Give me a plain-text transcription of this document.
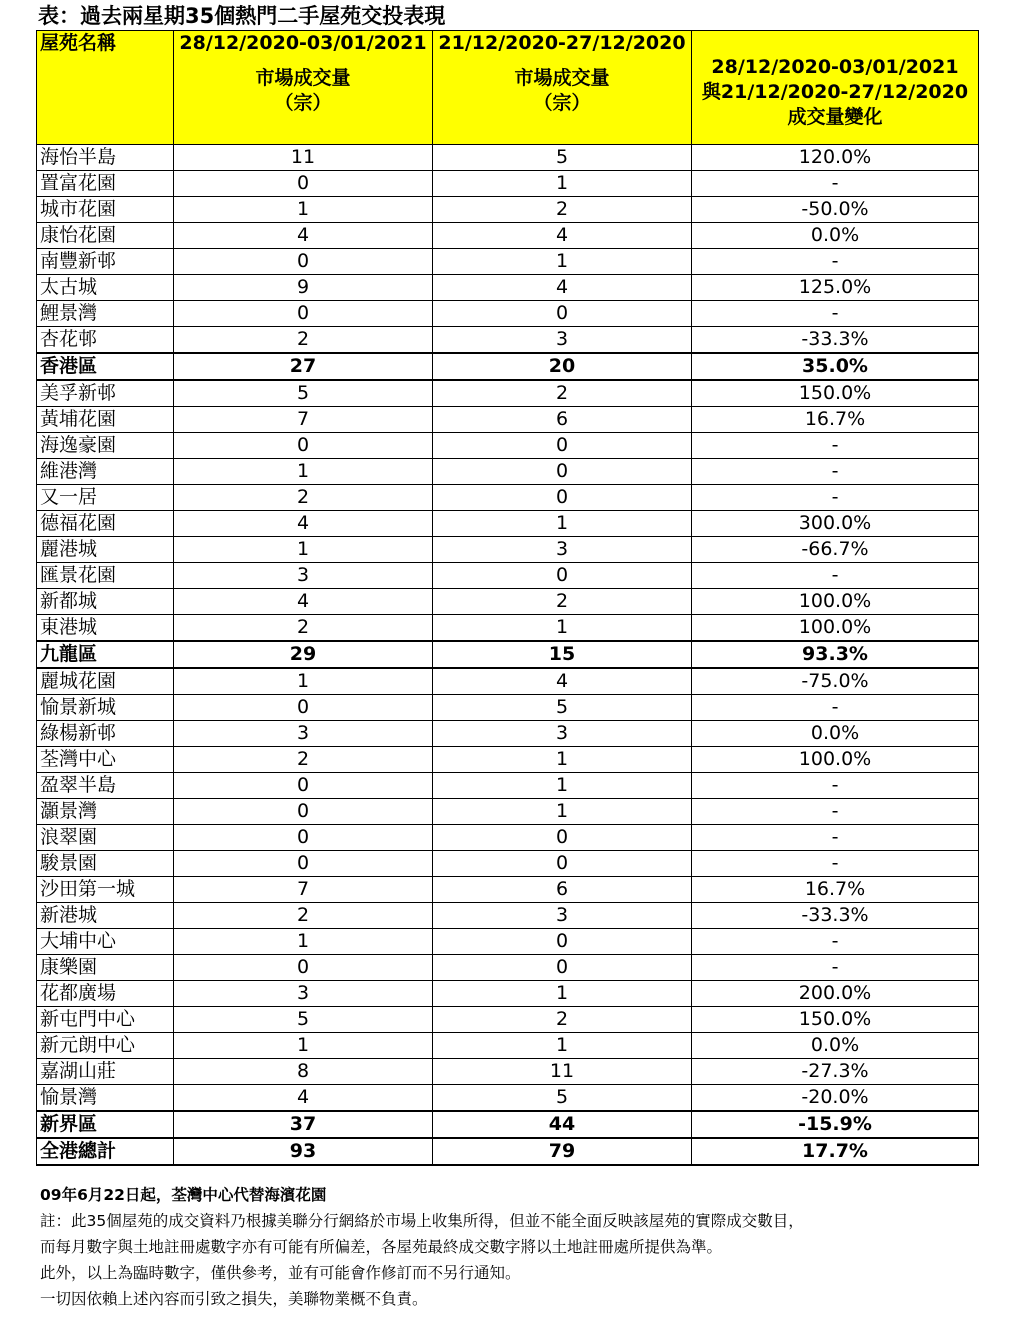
表：過去兩星期35個熱門二手屋苑交投表現
屋苑名稱	28/12/2020-03/01/2021
市場成交量
（宗）	21/12/2020-27/12/2020
市場成交量
（宗）	28/12/2020-03/01/2021
與21/12/2020-27/12/2020
成交量變化

海怡半島	11	5	120.0%
置富花園	0	1	-
城市花園	1	2	-50.0%
康怡花園	4	4	0.0%
南豐新邨	0	1	-
太古城	9	4	125.0%
鯉景灣	0	0	-
杏花邨	2	3	-33.3%
香港區	27	20	35.0%
美孚新邨	5	2	150.0%
黃埔花園	7	6	16.7%
海逸豪園	0	0	-
維港灣	1	0	-
又一居	2	0	-
德福花園	4	1	300.0%
麗港城	1	3	-66.7%
匯景花園	3	0	-
新都城	4	2	100.0%
東港城	2	1	100.0%
九龍區	29	15	93.3%
麗城花園	1	4	-75.0%
愉景新城	0	5	-
綠楊新邨	3	3	0.0%
荃灣中心	2	1	100.0%
盈翠半島	0	1	-
灝景灣	0	1	-
浪翠園	0	0	-
駿景園	0	0	-
沙田第一城	7	6	16.7%
新港城	2	3	-33.3%
大埔中心	1	0	-
康樂園	0	0	-
花都廣場	3	1	200.0%
新屯門中心	5	2	150.0%
新元朗中心	1	1	0.0%
嘉湖山莊	8	11	-27.3%
愉景灣	4	5	-20.0%
新界區	37	44	-15.9%
全港總計	93	79	17.7%
09年6月22日起，荃灣中心代替海濱花園
註：此35個屋苑的成交資料乃根據美聯分行網絡於市場上收集所得，但並不能全面反映該屋苑的實際成交數目，
而每月數字與土地註冊處數字亦有可能有所偏差，各屋苑最終成交數字將以土地註冊處所提供為準。
此外，以上為臨時數字，僅供參考，並有可能會作修訂而不另行通知。
一切因依賴上述內容而引致之損失，美聯物業概不負責。
